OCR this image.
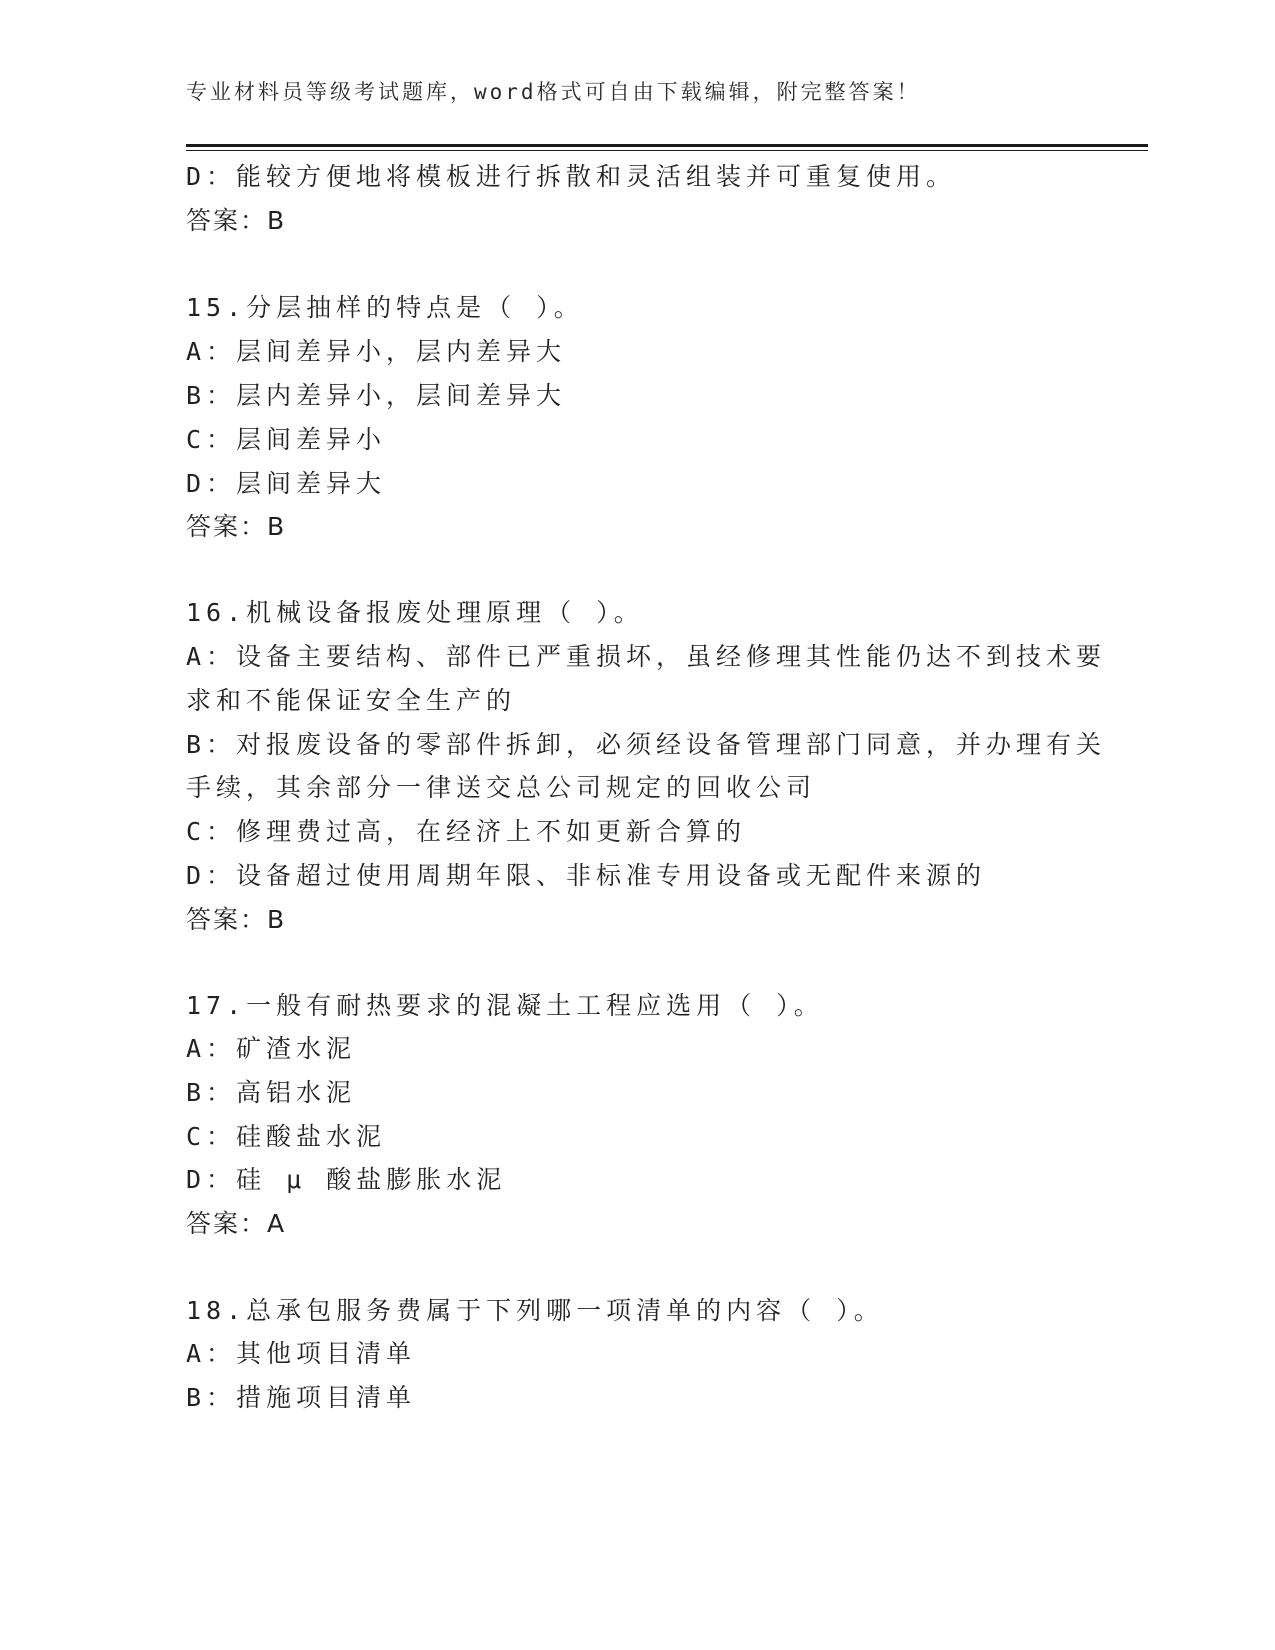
专业材料员等级考试题库，word格式可自由下载编辑，附完整答案！
D：能较方便地将模板进行拆散和灵活组装并可重复使用。
答案：B
15.分层抽样的特点是（ ）。
A：层间差异小，层内差异大
B：层内差异小，层间差异大
C：层间差异小
D：层间差异大
答案：B
16.机械设备报废处理原理（ ）。
A：设备主要结构、部件已严重损坏，虽经修理其性能仍达不到技术要
求和不能保证安全生产的
B：对报废设备的零部件拆卸，必须经设备管理部门同意，并办理有关
手续，其余部分一律送交总公司规定的回收公司
C：修理费过高，在经济上不如更新合算的
D：设备超过使用周期年限、非标准专用设备或无配件来源的
答案：B
17.一般有耐热要求的混凝土工程应选用（ ）。
A：矿渣水泥
B：高铝水泥
C：硅酸盐水泥
D：硅 μ 酸盐膨胀水泥
答案：A
18.总承包服务费属于下列哪一项清单的内容（ ）。
A：其他项目清单
B：措施项目清单
